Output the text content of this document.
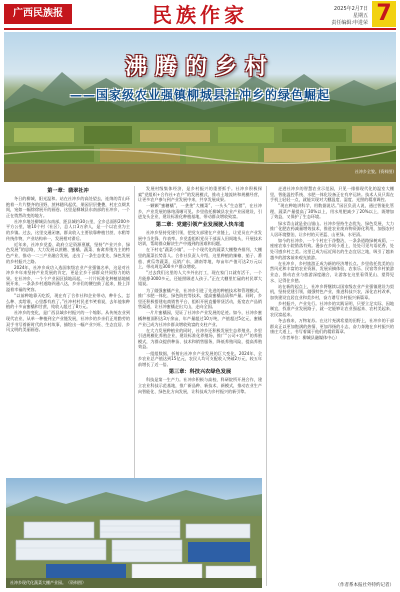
广西民族报	民族作家	2025年2月7日
星期五
责任编辑:申进荣 7
沸腾的乡村
——国家级农业强镇柳城县社冲乡的绿色崛起
社冲乡全貌。(资料图)
第一章：翡翠社冲

冬日的柳城，阳光温和。站在社冲乡的高处望去，连绵的青山环抱着一片片整齐的田野，蔗林随风起伏，果园层层叠叠，村庄点缀其间，宛如一幅徐徐展开的画卷。这里是柳城县东南部的社冲乡，一个正在悄然改变的地方。

社冲乡地处柳城县东南部，距县城约30公里，全乡总面积200多平方公里，辖10个村（社区），总人口3万余人，是一个以农业为主的乡镇。过去，这里交通闭塞，群众收入主要依靠种植甘蔗、水稻等传统作物，产业结构单一，发展相对滞后。

近年来，社冲乡党委、政府立足资源禀赋，坚持“产业兴乡、绿色发展”的思路，大力发展以蔗糖、蜜橘、蔬菜、畜禽养殖为主的特色产业，推动一二三产业融合发展，走出了一条生态优先、绿色发展的乡村振兴之路。

2024年，社冲乡成功入选国家级农业产业强镇名单，这是对社冲乡多年来坚持产业发展的肯定，更是全乡干部群众共同努力的结果。在社冲乡，一个个产业园区拔地而起，一片片标准化种植基地铺展开来，一条条乡村道路四通八达，乡亲们的腰包鼓了起来，脸上洋溢着幸福的笑容。

“以前种地靠天吃饭，现在有了合作社和企业带动，种什么、怎么种、卖给谁，心里都有底了。”社冲村村民老韦笑着说，去年他家种植的十多亩蜜橘和甘蔗，纯收入超过了8万元。

社冲乡的变化，是广西县域乡村振兴的一个缩影。从传统农业到现代农业，从单一种植到全产业链发展，社冲乡的乡亲们正用勤劳的双手书写着新时代的乡村故事，描绘出一幅产业兴旺、生态宜居、乡风文明的美丽画卷。

发展村级集体经济，是乡村振兴的重要抓手。社冲乡积极探索“党组织+合作社+农户”的发展模式，推动土地流转和规模经营，让更多农户参与到产业发展中来，共享发展成果。

一颗颗“蜜糖橘”，一垄垄“大棚菜”，一头头“生态猪”，在社冲乡，产业发展的脉络清晰可见。乡里依托柳城县农业产业园建设，引进龙头企业，建设标准化种植基地，带动群众增收致富。

第二章：党建引领产业发展驶入快车道

社冲乡坚持党建引领，把党支部建在产业链上，让党员在产业发展中当先锋、作表率。乡党委组织党员干部深入田间地头，开展技术培训，帮助群众解决生产中遇到的困难和问题。

在下村屯“蔬菜小镇”，一个个现代化的蔬菜大棚整齐排列，大棚里的蔬菜长势喜人。合作社负责人介绍，这里种植的辣椒、茄子、番茄、黄瓜等蔬菜，远销广东、湖南等地，每亩年产值可达2万元以上，带动周边300多户群众增收。

“过去我们这里的人大多外出打工，现在家门口就有活干，一个月能挣3000多元，还能照顾老人孩子。”正在大棚里忙碌的村民覃大姐说。

为了做强蜜橘产业，社冲乡引进了先进的种植技术和管理模式，推广水肥一体化、绿色防控等技术，提高蜜橘品质和产量。同时，乡里还积极搭建电商销售平台，组织开展直播带货活动，拓宽农产品销售渠道，让社冲蜜橘走出大山，走向全国。

一片片蜜橘园，见证了社冲乡产业发展的足迹。如今，社冲乡蜜橘种植面积达3万余亩，年产量超过10万吨，产值超过5亿元，蜜橘产业已成为社冲乡群众增收致富的支柱产业。

在大力发展种植业的同时，社冲乡还积极发展生态养殖业。乡里引进规模化养殖企业，建设标准化养殖场，推广“公司+农户”的养殖模式，为群众提供种苗、技术和销售服务，降低养殖风险，提高养殖效益。

一组组数据，折射出社冲乡产业发展的巨大变化。2024年，全乡农业总产值达到15亿元，农民人均可支配收入突破2万元，较五年前增长了近一倍。

第三章：科技兴农绿色发展

科技是第一生产力。社冲乡积极与高校、科研院所开展合作，建立农业科技示范基地，推广新品种、新技术、新模式，推动农业生产向智能化、绿色化方向发展，让科技成为乡村振兴的新引擎。

走进社冲乡的智慧农业示范园，只见一排排现代化的温室大棚里，智能温控系统、水肥一体化设备正在有序运转。技术人员只需在手机上轻轻一点，就能实现对大棚温度、湿度、光照的精准调控。

“现在种地讲科学，用数据说话。”园区负责人说，通过智能化管理，蔬菜产量提高了30%以上，用水用肥减少了20%以上，既增加了效益，又保护了生态环境。

绿水青山就是金山银山。社冲乡坚持生态优先、绿色发展，大力推广化肥农药减量增效技术，推进农业废弃物资源化利用，加强农村人居环境整治，让乡村的天更蓝、山更绿、水更清。

如今的社冲乡，一个个村庄干净整洁，一条条道路绿树成荫，一座座农家小院错落有致。漫步在乡间小道上，处处可见鸟语花香，处处可感乡村之美。这里已成为远近闻名的生态宜居之地，吸引了越来越多的游客前来观光旅游。

在社冲乡，乡村旅游正成为新的经济增长点。乡里依托优美的自然风光和丰富的农业资源，发展采摘体验、农家乐、民宿等乡村旅游业态，推动农业与旅游深度融合，让游客在这里看得见山、望得见水、记得住乡愁。

站在新的起点上，社冲乡将继续以国家级农业产业强镇建设为契机，坚持党建引领，做强特色产业，推进科技兴农，深化农村改革，加快建设宜居宜业和美乡村，奋力谱写乡村振兴新篇章。

乡村振兴，产业先行。社冲乡的实践证明，只要立足实际、因地制宜，找准产业发展路子，就一定能够让农业强起来、农村美起来、农民富起来。

冬去春来，万物复苏。在这片充满希望的田野上，社冲乡的干部群众正以更加饱满的热情、更加昂扬的斗志，奋力奔跑在乡村振兴的康庄大道上，书写着属于他们的精彩篇章。

（作者单位：柳城县融媒体中心）

社冲乡现代化蔬菜大棚产业园。（资料图）
（作者系本报社外特约记者）
